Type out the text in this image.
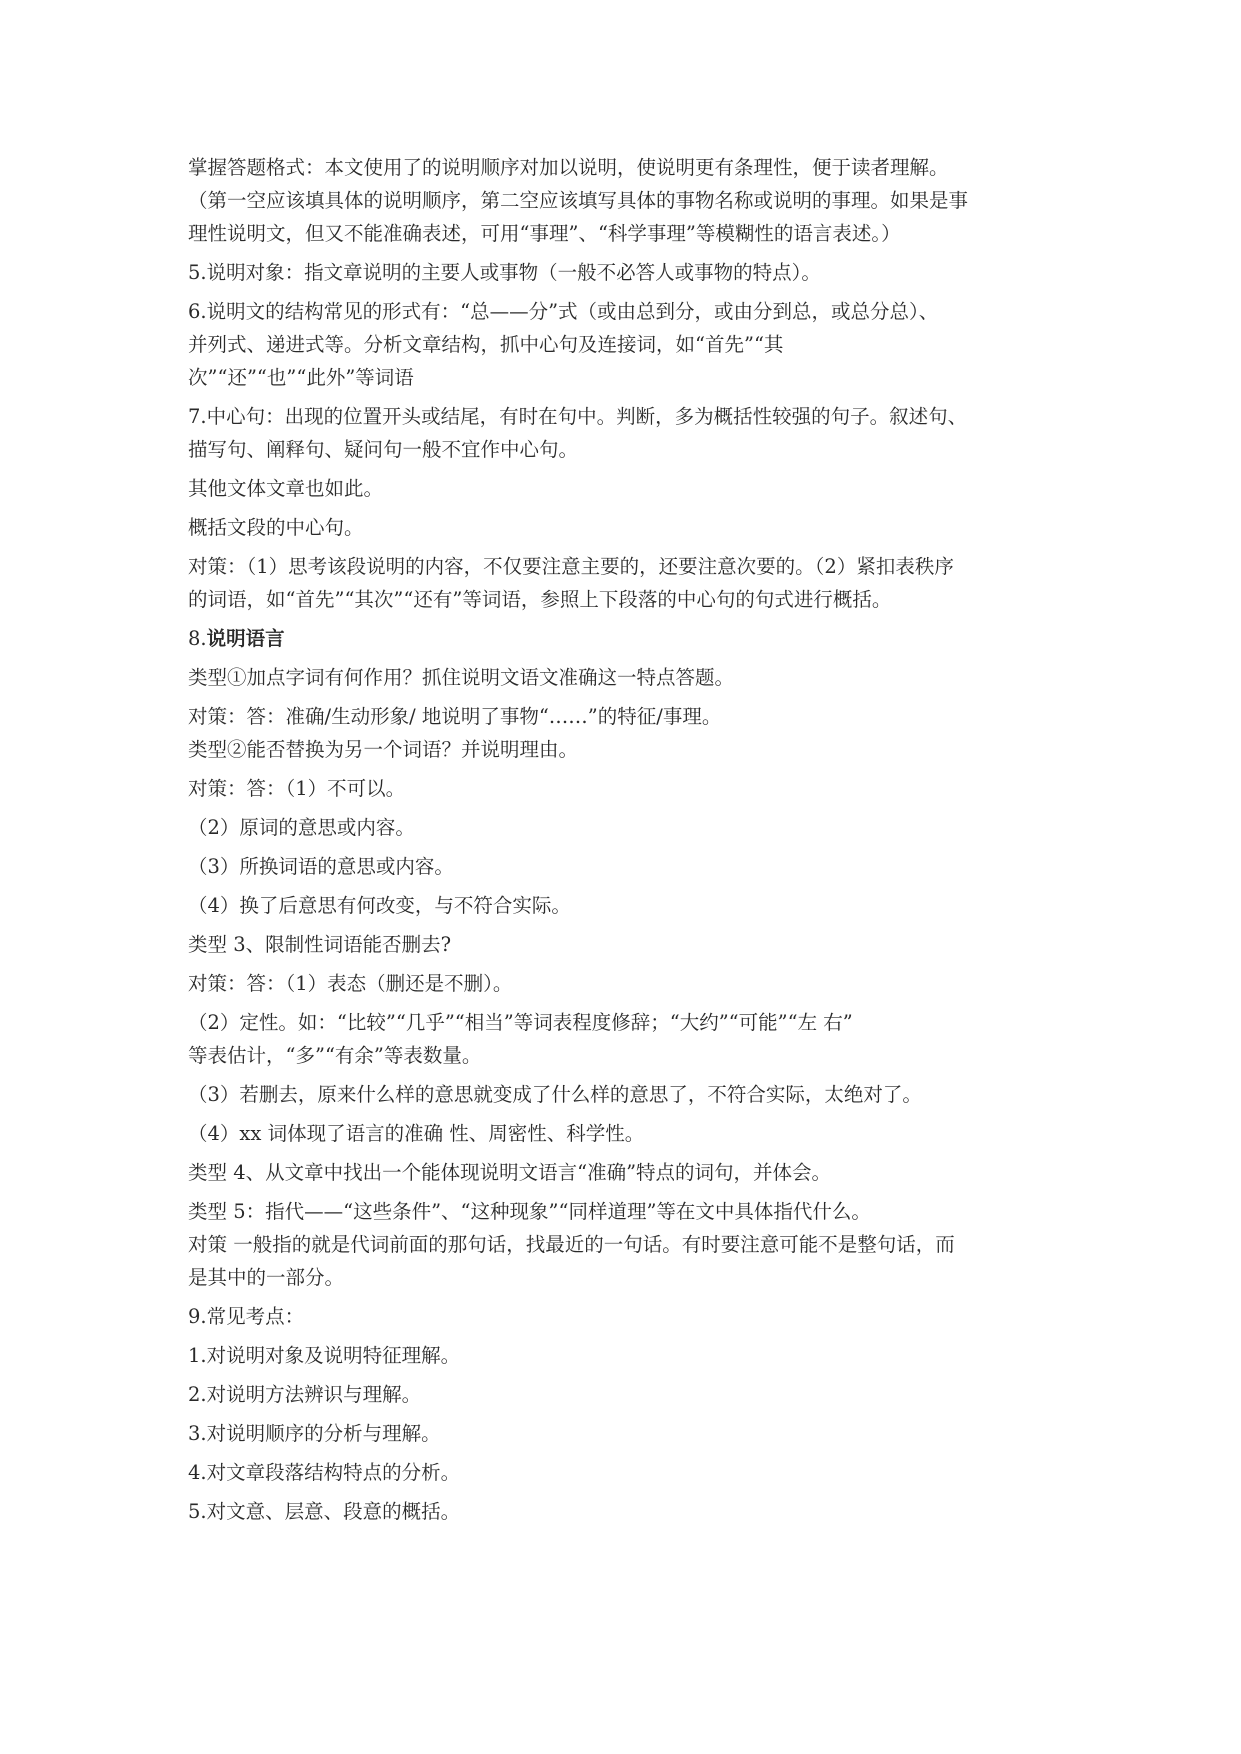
掌握答题格式：本文使用了的说明顺序对加以说明，使说明更有条理性，便于读者理解。
（第一空应该填具体的说明顺序，第二空应该填写具体的事物名称或说明的事理。如果是事
理性说明文，但又不能准确表述，可用“事理”、“科学事理”等模糊性的语言表述。）
5.说明对象：指文章说明的主要人或事物（一般不必答人或事物的特点）。
6.说明文的结构常见的形式有：“总——分”式（或由总到分，或由分到总，或总分总）、
并列式、递进式等。分析文章结构，抓中心句及连接词，如“首先”“其
次”“还”“也”“此外”等词语
7.中心句：出现的位置开头或结尾，有时在句中。判断，多为概括性较强的句子。叙述句、
描写句、阐释句、疑问句一般不宜作中心句。
其他文体文章也如此。
概括文段的中心句。
对策：（1）思考该段说明的内容，不仅要注意主要的，还要注意次要的。（2）紧扣表秩序
的词语，如“首先”“其次”“还有”等词语，参照上下段落的中心句的句式进行概括。
8.说明语言
类型①加点字词有何作用？抓住说明文语文准确这一特点答题。
对策：答：准确/生动形象/ 地说明了事物“……”的特征/事理。
类型②能否替换为另一个词语？并说明理由。
对策：答：（1）不可以。
（2）原词的意思或内容。
（3）所换词语的意思或内容。
（4）换了后意思有何改变，与不符合实际。
类型 3、限制性词语能否删去?
对策：答：（1）表态（删还是不删）。
（2）定性。如：“比较”“几乎”“相当”等词表程度修辞；“大约”“可能”“左 右”
等表估计，“多”“有余”等表数量。
（3）若删去，原来什么样的意思就变成了什么样的意思了，不符合实际，太绝对了。
（4）xx 词体现了语言的准确 性、周密性、科学性。
类型 4、从文章中找出一个能体现说明文语言“准确”特点的词句，并体会。
类型 5：指代——“这些条件”、“这种现象”“同样道理”等在文中具体指代什么。
对策 一般指的就是代词前面的那句话，找最近的一句话。有时要注意可能不是整句话，而
是其中的一部分。
9.常见考点：
1.对说明对象及说明特征理解。
2.对说明方法辨识与理解。
3.对说明顺序的分析与理解。
4.对文章段落结构特点的分析。
5.对文意、层意、段意的概括。
